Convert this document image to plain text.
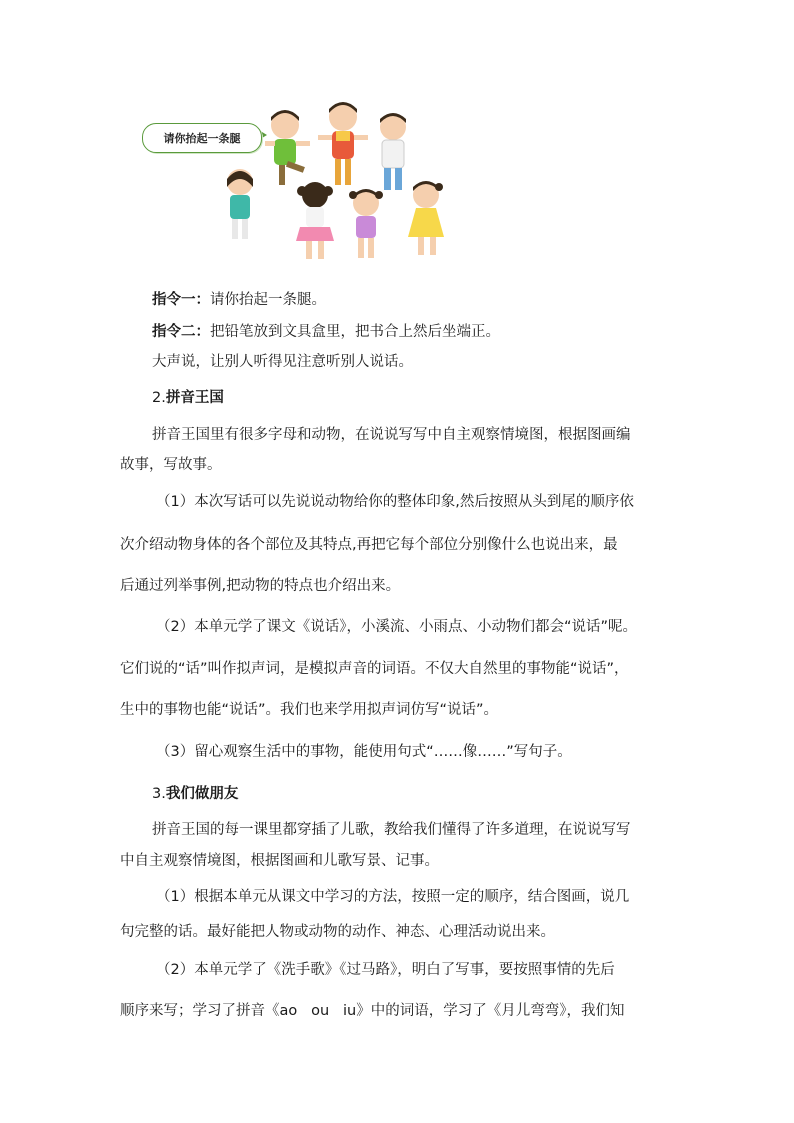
请你抬起一条腿
指令一：请你抬起一条腿。
指令二：把铅笔放到文具盒里，把书合上然后坐端正。
大声说，让别人听得见注意听别人说话。
2.拼音王国
拼音王国里有很多字母和动物，在说说写写中自主观察情境图，根据图画编
故事，写故事。
（1）本次写话可以先说说动物给你的整体印象,然后按照从头到尾的顺序依
次介绍动物身体的各个部位及其特点,再把它每个部位分别像什么也说出来，最
后通过列举事例,把动物的特点也介绍出来。
（2）本单元学了课文《说话》，小溪流、小雨点、小动物们都会“说话”呢。
它们说的“话”叫作拟声词，是模拟声音的词语。不仅大自然里的事物能“说话”，
生中的事物也能“说话”。我们也来学用拟声词仿写“说话”。
（3）留心观察生活中的事物，能使用句式“……像……”写句子。
3.我们做朋友
拼音王国的每一课里都穿插了儿歌，教给我们懂得了许多道理，在说说写写
中自主观察情境图，根据图画和儿歌写景、记事。
（1）根据本单元从课文中学习的方法，按照一定的顺序，结合图画，说几
句完整的话。最好能把人物或动物的动作、神态、心理活动说出来。
（2）本单元学了《洗手歌》《过马路》，明白了写事，要按照事情的先后
顺序来写；学习了拼音《ao   ou   iu》中的词语，学习了《月儿弯弯》，我们知
